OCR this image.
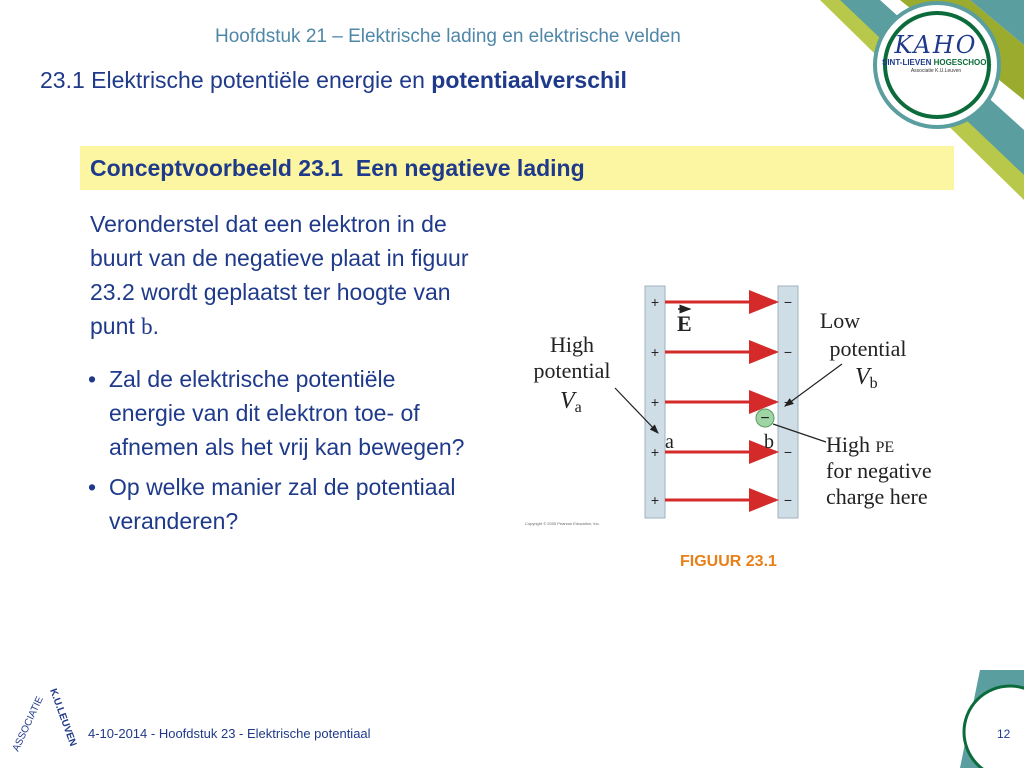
KAHO
SINT-LIEVEN HOGESCHOOL
Associatie K.U.Leuven
Hoofdstuk 21 – Elektrische lading en elektrische velden
23.1 Elektrische potentiële energie en potentiaalverschil
Conceptvoorbeeld 23.1 Een negatieve lading
Veronderstel dat een elektron in de buurt van de negatieve plaat in figuur 23.2 wordt geplaatst ter hoogte van punt b.
• Zal de elektrische potentiële energie van dit elektron toe- of afnemen als het vrij kan bewegen?
• Op welke manier zal de potentiaal veranderen?
+
+
+
+
+
−
−
−
−
−
E
High
potential
Low
potential
Va
Vb
a	b
−
High PE
for negative
charge here
Copyright © 2005 Pearson Education, Inc.
FIGUUR 23.1
ASSOCIATIE K.U.LEUVEN 4-10-2014 - Hoofdstuk 23 - Elektrische potentiaal	12
